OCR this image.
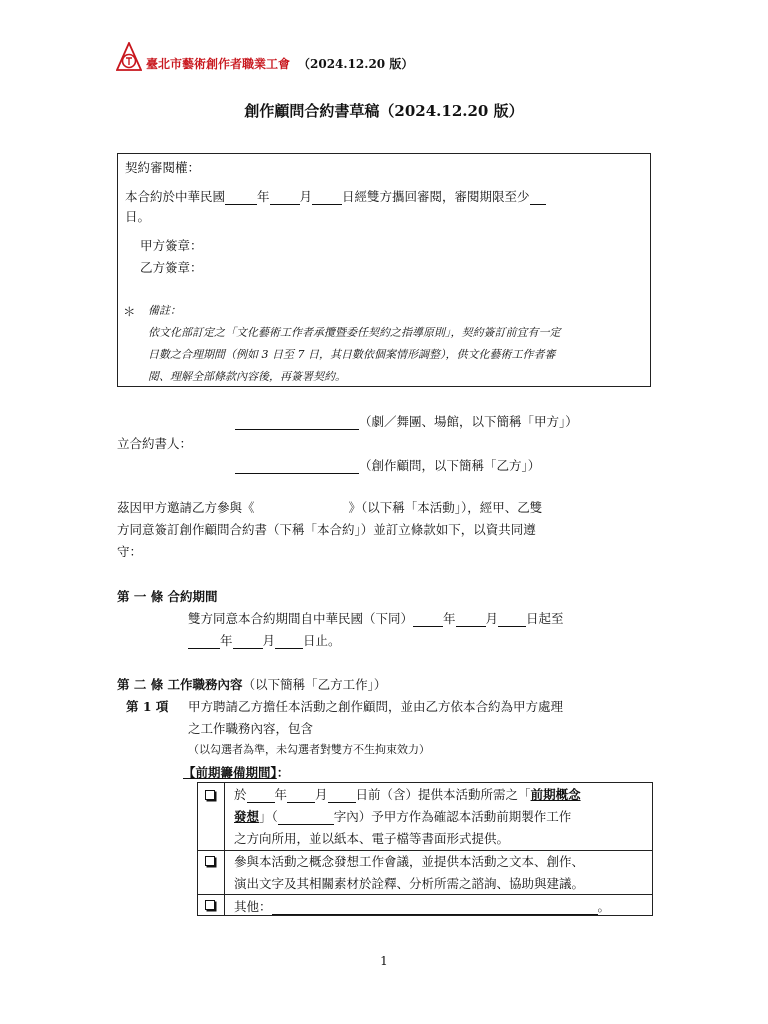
臺北市藝術創作者職業工會 （2024.12.20 版）
創作顧問合約書草稿（2024.12.20 版）
契約審閱權：
本合約於中華民國	年 月 日經雙方攜回審閱，審閱期限至少
日。
甲方簽章：
乙方簽章：
＊ 備註：
依文化部訂定之「文化藝術工作者承攬暨委任契約之指導原則」，契約簽訂前宜有一定
日數之合理期間（例如 3 日至 7 日，其日數依個案情形調整），供文化藝術工作者審
閱、理解全部條款內容後，再簽署契約。
（劇／舞團、場館，以下簡稱「甲方」）
立合約書人：
（創作顧問，以下簡稱「乙方」）
茲因甲方邀請乙方參與《	》（以下稱「本活動」），經甲、乙雙
方同意簽訂創作顧問合約書（下稱「本合約」）並訂立條款如下，以資共同遵
守：
第 一 條 合約期間
雙方同意本合約期間自中華民國（下同） 年 月 日起至
年 月 日止。
第 二 條 工作職務內容（以下簡稱「乙方工作」）
第 1 項 甲方聘請乙方擔任本活動之創作顧問，並由乙方依本合約為甲方處理
之工作職務內容，包含
（以勾選者為準，未勾選者對雙方不生拘束效力）
【前期籌備期間】：
於 年 月 日前（含）提供本活動所需之「前期概念
發想」（	字內）予甲方作為確認本活動前期製作工作
之方向所用，並以紙本、電子檔等書面形式提供。
參與本活動之概念發想工作會議，並提供本活動之文本、創作、
演出文字及其相關素材於詮釋、分析所需之諮詢、協助與建議。
其他：	。
1
